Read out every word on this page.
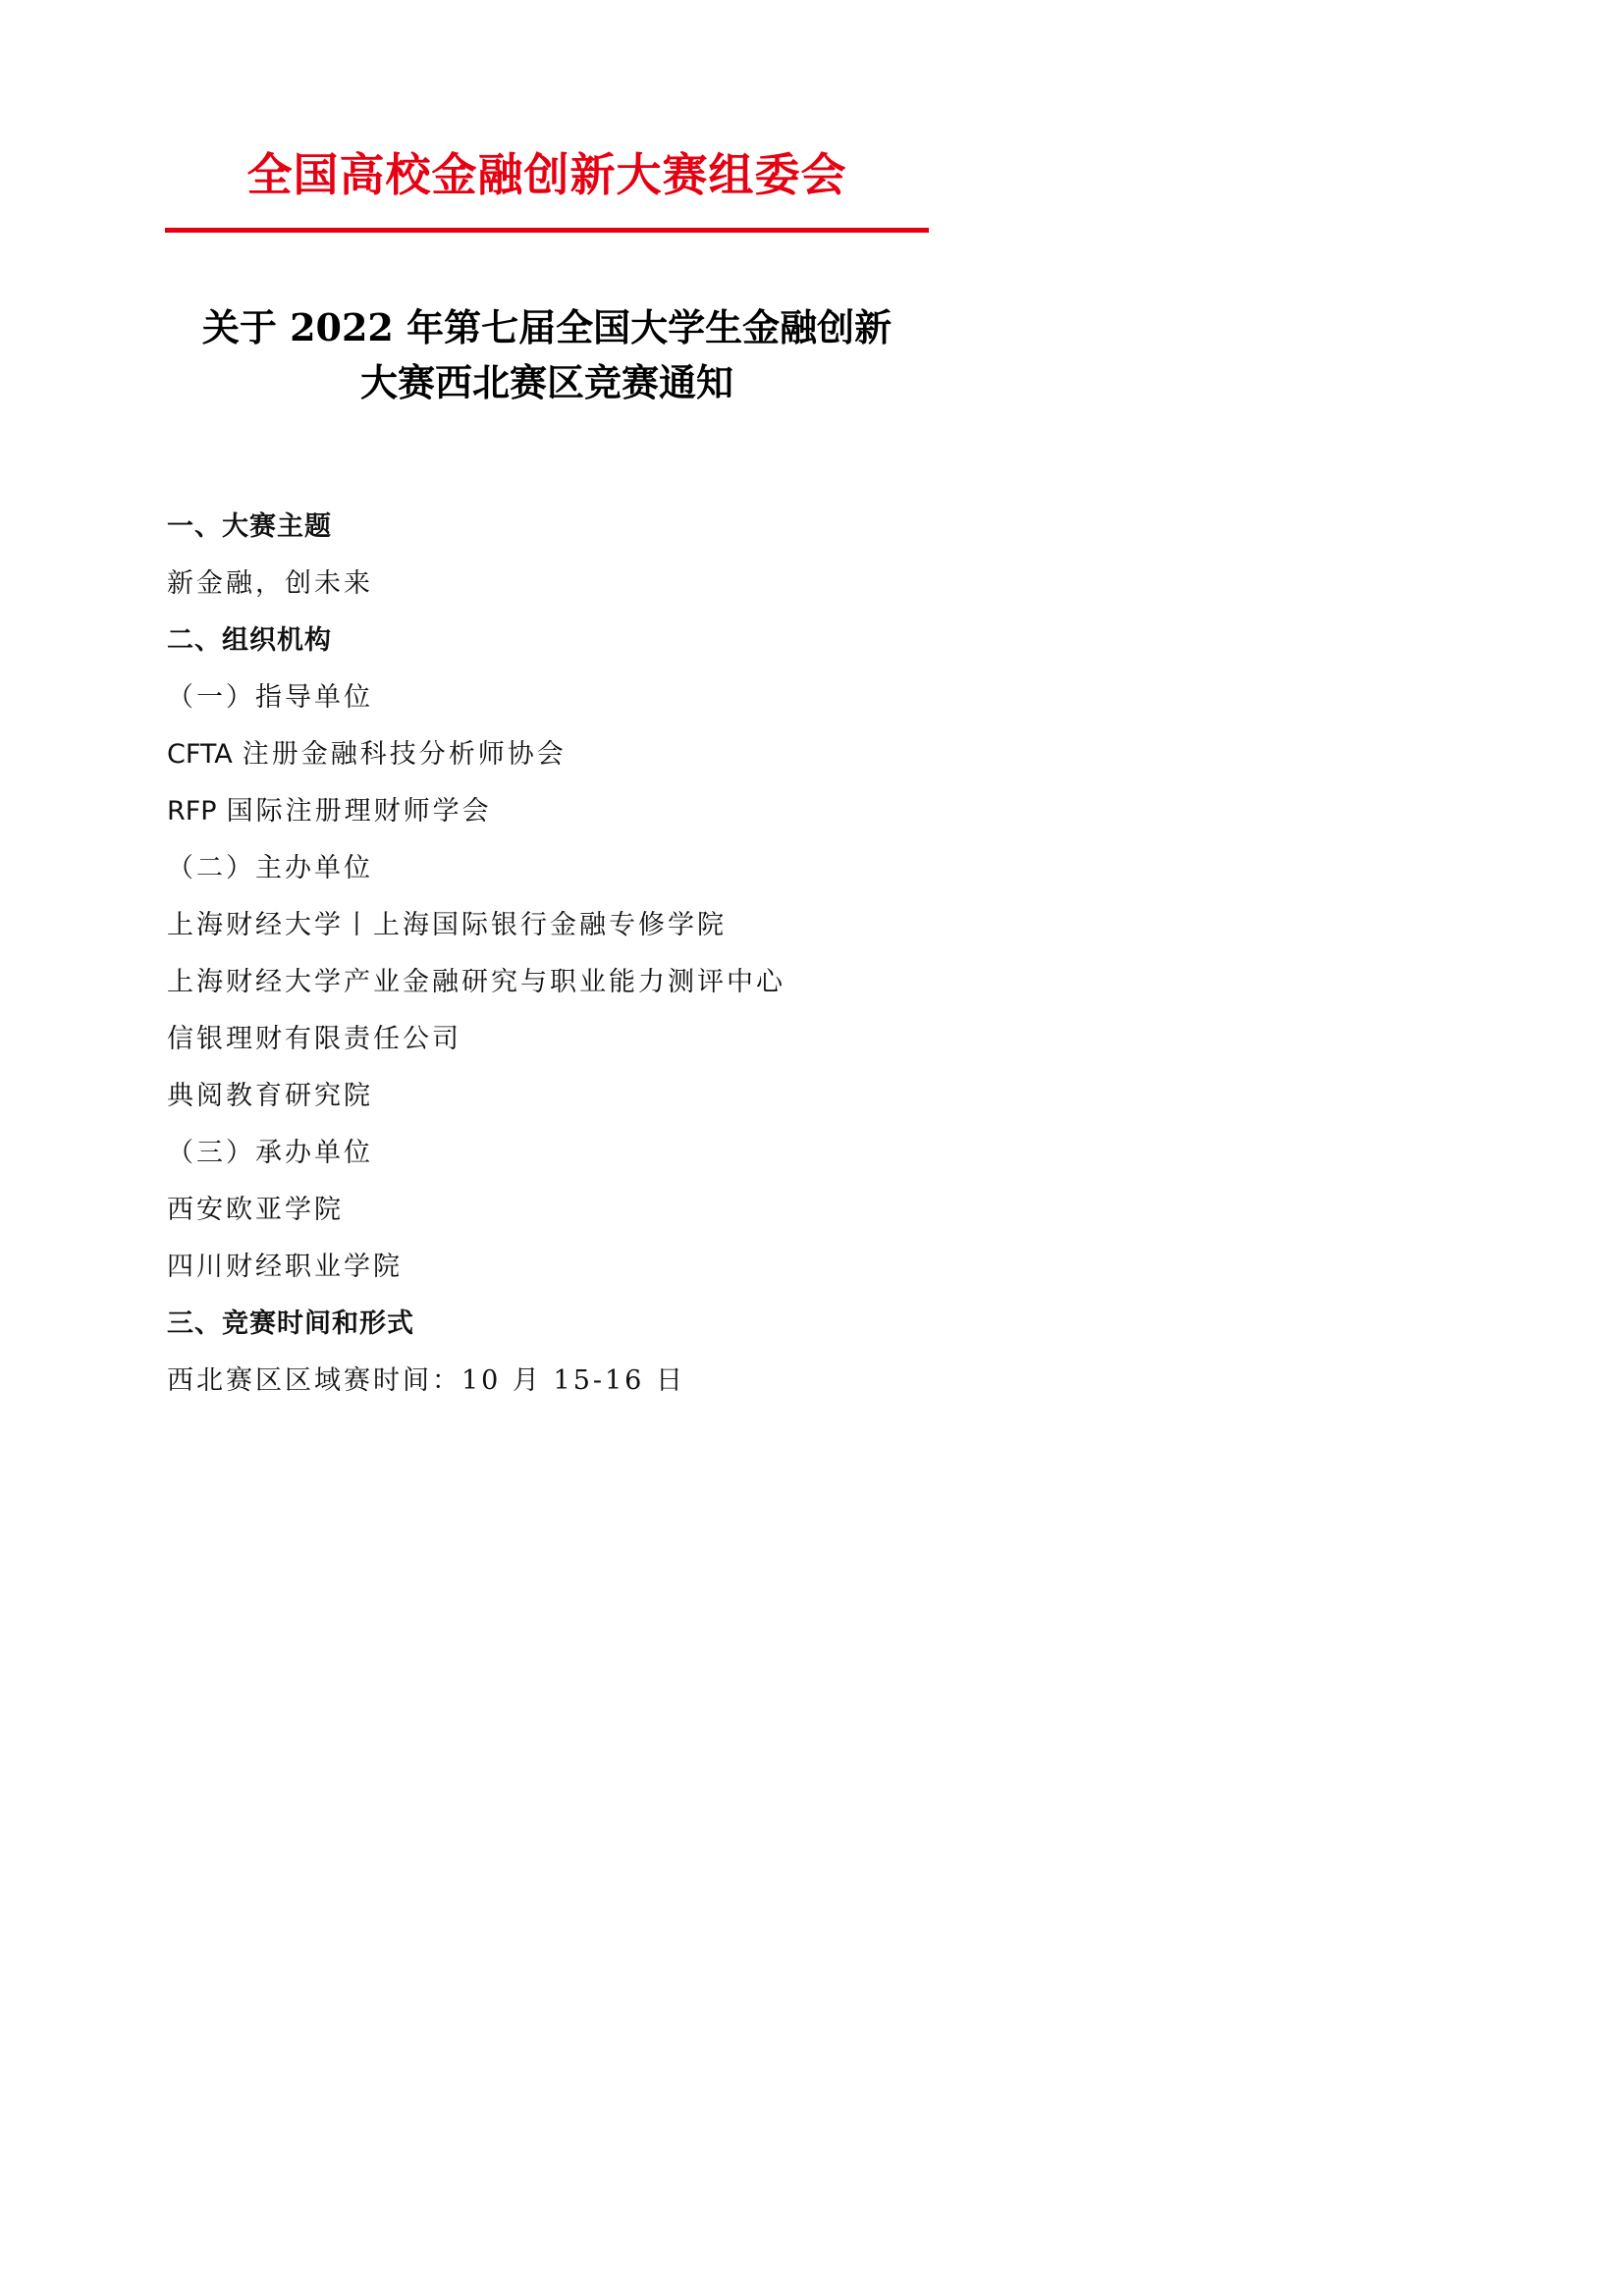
全国高校金融创新大赛组委会
关于 2022 年第七届全国大学生金融创新
大赛西北赛区竞赛通知
一、大赛主题
新金融，创未来
二、组织机构
（一）指导单位
CFTA 注册金融科技分析师协会
RFP 国际注册理财师学会
（二）主办单位
上海财经大学丨上海国际银行金融专修学院
上海财经大学产业金融研究与职业能力测评中心
信银理财有限责任公司
典阅教育研究院
（三）承办单位
西安欧亚学院
四川财经职业学院
三、竞赛时间和形式
西北赛区区域赛时间：10 月 15-16 日
